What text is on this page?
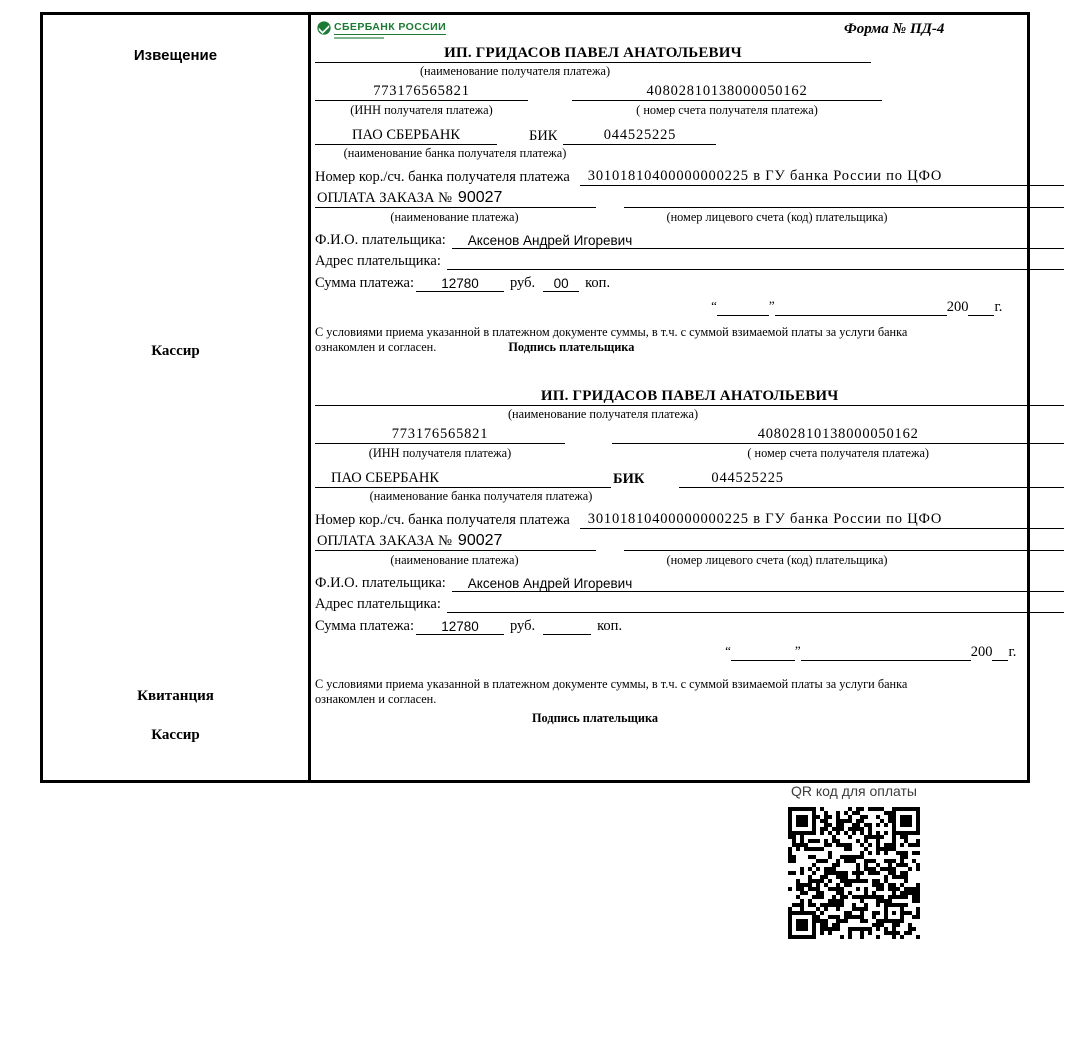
Извещение
Кассир
СБЕРБАНК РОССИИ	Форма № ПД-4
ИП. ГРИДАСОВ ПАВЕЛ АНАТОЛЬЕВИЧ
(наименование получателя платежа)
773176565821	40802810138000050162
(ИНН получателя платежа)	( номер счета получателя платежа)
ПАО СБЕРБАНК	БИК	044525225
(наименование банка получателя платежа)
Номер кор./сч. банка получателя платежа	30101810400000000225 в ГУ банка России по ЦФО
ОПЛАТА ЗАКАЗА № 90027
(наименование платежа)	(номер лицевого счета (код) плательщика)
Ф.И.О. плательщика:	Аксенов Андрей Игоревич
Адрес плательщика:
Сумма платежа:	12780	руб.	00	коп.
“	”	200 г.
С условиями приема указанной в платежном документе суммы, в т.ч. с суммой взимаемой платы за услуги банка
ознакомлен и согласен.	Подпись плательщика
Квитанция
Кассир
ИП. ГРИДАСОВ ПАВЕЛ АНАТОЛЬЕВИЧ
(наименование получателя платежа)
773176565821	40802810138000050162
(ИНН получателя платежа)	( номер счета получателя платежа)
ПАО СБЕРБАНК	БИК	044525225
(наименование банка получателя платежа)
Номер кор./сч. банка получателя платежа	30101810400000000225 в ГУ банка России по ЦФО
ОПЛАТА ЗАКАЗА № 90027
(наименование платежа)	(номер лицевого счета (код) плательщика)
Ф.И.О. плательщика:	Аксенов Андрей Игоревич
Адрес плательщика:
Сумма платежа:	12780	руб.	коп.
“	”	200 г.
С условиями приема указанной в платежном документе суммы, в т.ч. с суммой взимаемой платы за услуги банка
ознакомлен и согласен.
Подпись плательщика
QR код для оплаты
